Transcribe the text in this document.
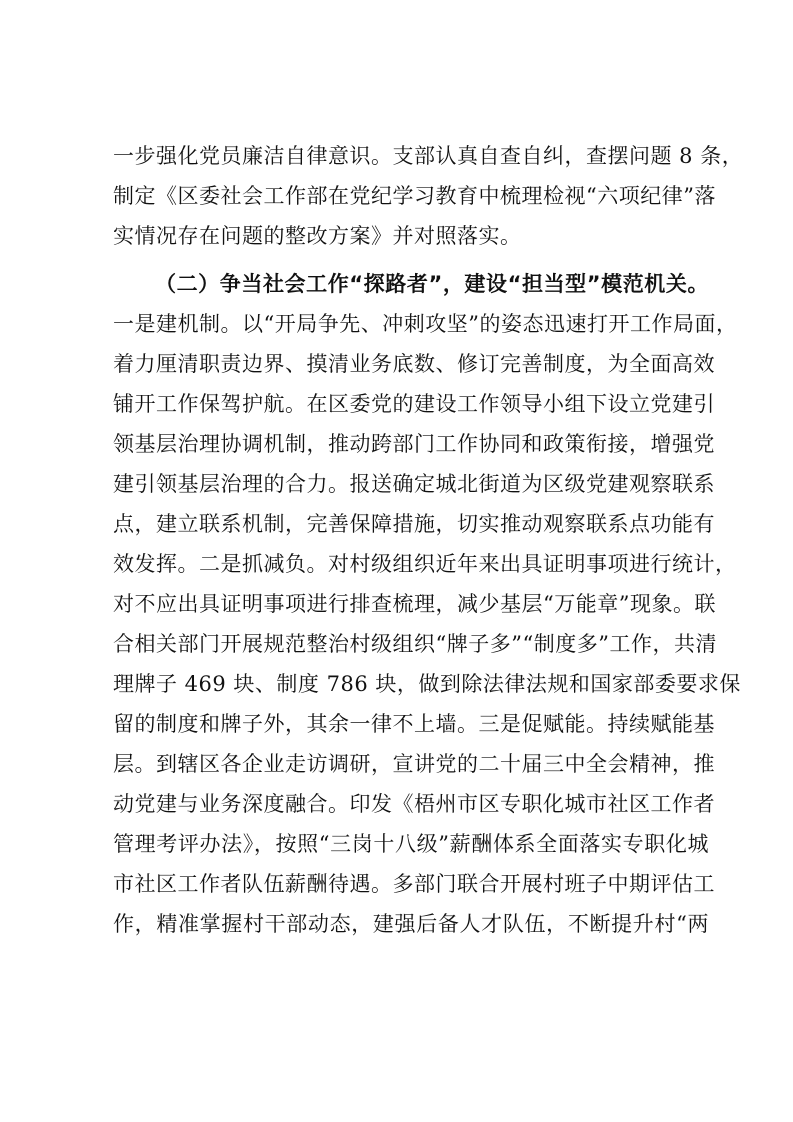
一步强化党员廉洁自律意识。支部认真自查自纠，查摆问题 8 条，
制定《区委社会工作部在党纪学习教育中梳理检视“六项纪律”落
实情况存在问题的整改方案》并对照落实。
（二）争当社会工作“探路者”，建设“担当型”模范机关。
一是建机制。以“开局争先、冲刺攻坚”的姿态迅速打开工作局面，
着力厘清职责边界、摸清业务底数、修订完善制度，为全面高效
铺开工作保驾护航。在区委党的建设工作领导小组下设立党建引
领基层治理协调机制，推动跨部门工作协同和政策衔接，增强党
建引领基层治理的合力。报送确定城北街道为区级党建观察联系
点，建立联系机制，完善保障措施，切实推动观察联系点功能有
效发挥。二是抓减负。对村级组织近年来出具证明事项进行统计，
对不应出具证明事项进行排查梳理，减少基层“万能章”现象。联
合相关部门开展规范整治村级组织“牌子多”“制度多”工作，共清
理牌子 469 块、制度 786 块，做到除法律法规和国家部委要求保
留的制度和牌子外，其余一律不上墙。三是促赋能。持续赋能基
层。到辖区各企业走访调研，宣讲党的二十届三中全会精神，推
动党建与业务深度融合。印发《梧州市区专职化城市社区工作者
管理考评办法》，按照“三岗十八级”薪酬体系全面落实专职化城
市社区工作者队伍薪酬待遇。多部门联合开展村班子中期评估工
作，精准掌握村干部动态，建强后备人才队伍，不断提升村“两
